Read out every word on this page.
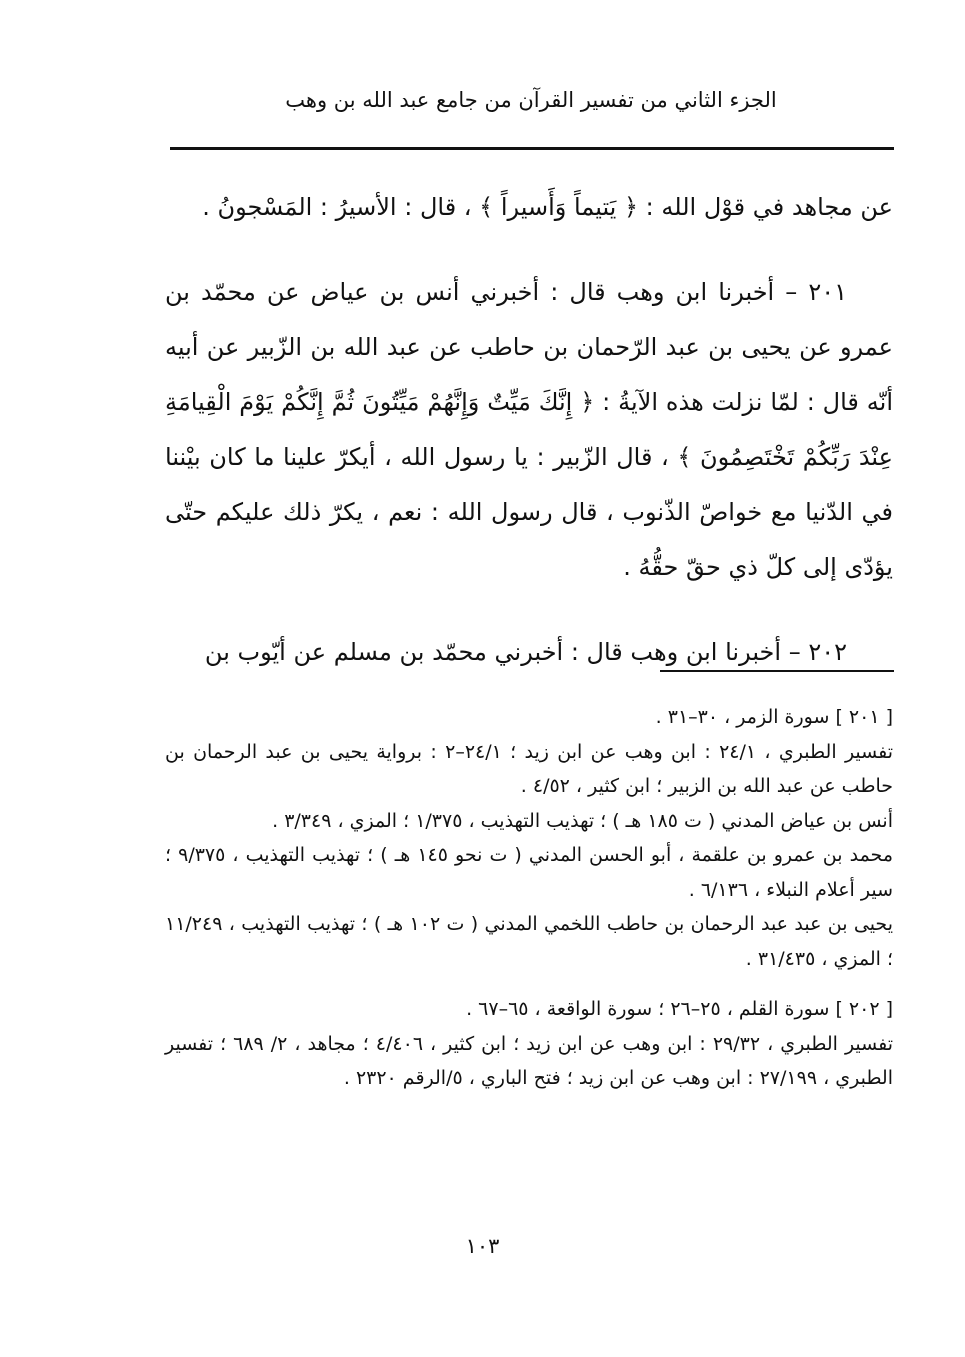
الجزء الثاني من تفسير القرآن من جامع عبد الله بن وهب

عن مجاهد في قوْل الله : ﴿ يَتيماً وَأَسيراً ﴾ ، قال : الأسيرُ : المَسْجونُ .

٢٠١ – أخبرنا ابن وهب قال : أخبرني أنس بن عياض عن محمّد بن عمرو عن يحيى بن عبد الرّحمان بن حاطب عن عبد الله بن الزّبير عن أبيه أنّه قال : لمّا نزلت هذه الآيةُ : ﴿ إِنَّكَ مَيِّتٌ وَإِنَّهُمْ مَيِّتُونَ ثُمَّ إِنَّكُمْ يَوْمَ الْقِيامَةِ عِنْدَ رَبِّكُمْ تَخْتَصِمُونَ ﴾ ، قال الزّبير : يا رسول الله ، أيكرّ علينا ما كان بيْننا في الدّنيا مع خواصّ الذّنوب ، قال رسول الله : نعم ، يكرّ ذلك عليكم حتّى يؤدّى إلى كلّ ذي حقّ حقُّهُ .

٢٠٢ – أخبرنا ابن وهب قال : أخبرني محمّد بن مسلم عن أيّوب بن

[ ٢٠١ ] سورة الزمر ، ٣٠–٣١ .

تفسير الطبري ، ٢٤/١ : ابن وهب عن ابن زيد ؛ ٢٤/١–٢ : برواية يحيى بن عبد الرحمان بن حاطب عن عبد الله بن الزبير ؛ ابن كثير ، ٤/٥٢ .

أنس بن عياض المدني ( ت ١٨٥ هـ ) ؛ تهذيب التهذيب ، ١/٣٧٥ ؛ المزي ، ٣/٣٤٩ .

محمد بن عمرو بن علقمة ، أبو الحسن المدني ( ت نحو ١٤٥ هـ ) ؛ تهذيب التهذيب ، ٩/٣٧٥ ؛ سير أعلام النبلاء ، ٦/١٣٦ .

يحيى بن عبد عبد الرحمان بن حاطب اللخمي المدني ( ت ١٠٢ هـ ) ؛ تهذيب التهذيب ، ١١/٢٤٩ ؛ المزي ، ٣١/٤٣٥ .

[ ٢٠٢ ] سورة القلم ، ٢٥–٢٦ ؛ سورة الواقعة ، ٦٥–٦٧ .

تفسير الطبري ، ٢٩/٣٢ : ابن وهب عن ابن زيد ؛ ابن كثير ، ٤/٤٠٦ ؛ مجاهد ، ٢/ ٦٨٩ ؛ تفسير الطبري ، ٢٧/١٩٩ : ابن وهب عن ابن زيد ؛ فتح الباري ، ٥/الرقم ٢٣٢٠ .

١٠٣
